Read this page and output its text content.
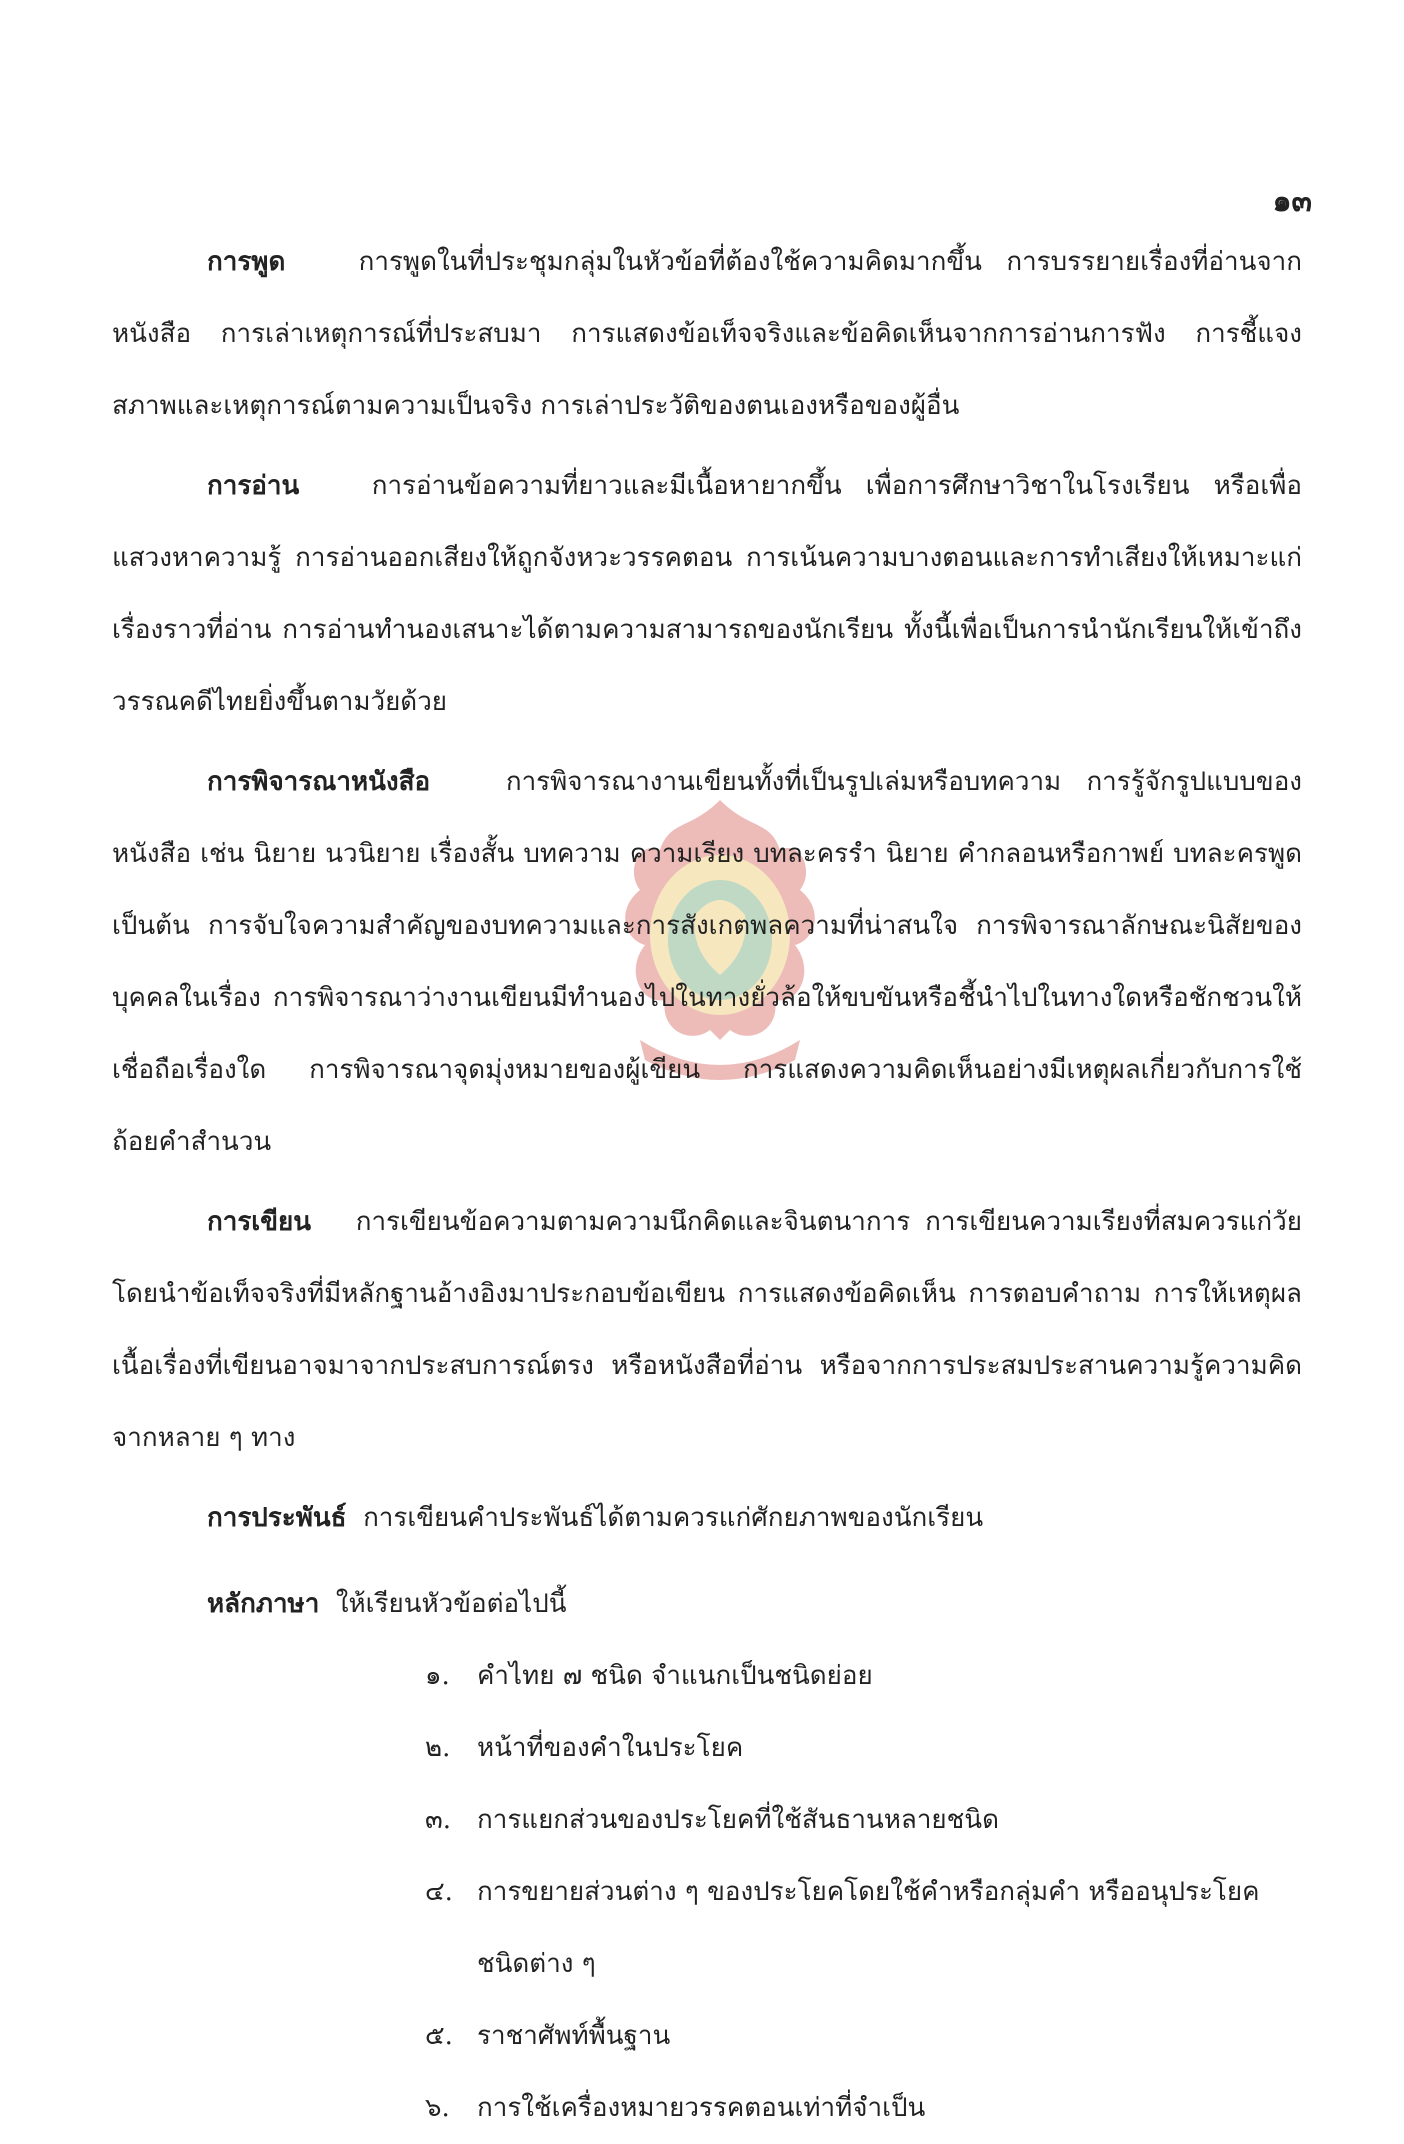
๑๓

การพูด	การพูดในที่ประชุมกลุ่มในหัวข้อที่ต้องใช้ความคิดมากขึ้น การบรรยายเรื่องที่อ่านจากหนังสือ การเล่าเหตุการณ์ที่ประสบมา การแสดงข้อเท็จจริงและข้อคิดเห็นจากการอ่านการฟัง การชี้แจงสภาพและเหตุการณ์ตามความเป็นจริง การเล่าประวัติของตนเองหรือของผู้อื่น

การอ่าน	การอ่านข้อความที่ยาวและมีเนื้อหายากขึ้น เพื่อการศึกษาวิชาในโรงเรียน หรือเพื่อแสวงหาความรู้ การอ่านออกเสียงให้ถูกจังหวะวรรคตอน การเน้นความบางตอนและการทำเสียงให้เหมาะแก่เรื่องราวที่อ่าน การอ่านทำนองเสนาะได้ตามความสามารถของนักเรียน ทั้งนี้เพื่อเป็นการนำนักเรียนให้เข้าถึงวรรณคดีไทยยิ่งขึ้นตามวัยด้วย

การพิจารณาหนังสือ	การพิจารณางานเขียนทั้งที่เป็นรูปเล่มหรือบทความ การรู้จักรูปแบบของหนังสือ เช่น นิยาย นวนิยาย เรื่องสั้น บทความ ความเรียง บทละครรำ นิยาย คำกลอนหรือกาพย์ บทละครพูด เป็นต้น การจับใจความสำคัญของบทความและการสังเกตพลความที่น่าสนใจ การพิจารณาลักษณะนิสัยของบุคคลในเรื่อง การพิจารณาว่างานเขียนมีทำนองไปในทางยั่วล้อให้ขบขันหรือชี้นำไปในทางใดหรือชักชวนให้เชื่อถือเรื่องใด การพิจารณาจุดมุ่งหมายของผู้เขียน การแสดงความคิดเห็นอย่างมีเหตุผลเกี่ยวกับการใช้ถ้อยคำสำนวน

การเขียน การเขียนข้อความตามความนึกคิดและจินตนาการ การเขียนความเรียงที่สมควรแก่วัยโดยนำข้อเท็จจริงที่มีหลักฐานอ้างอิงมาประกอบข้อเขียน การแสดงข้อคิดเห็น การตอบคำถาม การให้เหตุผล เนื้อเรื่องที่เขียนอาจมาจากประสบการณ์ตรง หรือหนังสือที่อ่าน หรือจากการประสมประสานความรู้ความคิดจากหลาย ๆ ทาง

การประพันธ์ การเขียนคำประพันธ์ได้ตามควรแก่ศักยภาพของนักเรียน

หลักภาษา ให้เรียนหัวข้อต่อไปนี้

๑. คำไทย ๗ ชนิด จำแนกเป็นชนิดย่อย
๒. หน้าที่ของคำในประโยค
๓. การแยกส่วนของประโยคที่ใช้สันธานหลายชนิด
๔. การขยายส่วนต่าง ๆ ของประโยคโดยใช้คำหรือกลุ่มคำ หรืออนุประโยคชนิดต่าง ๆ
๕. ราชาศัพท์พื้นฐาน
๖. การใช้เครื่องหมายวรรคตอนเท่าที่จำเป็น
